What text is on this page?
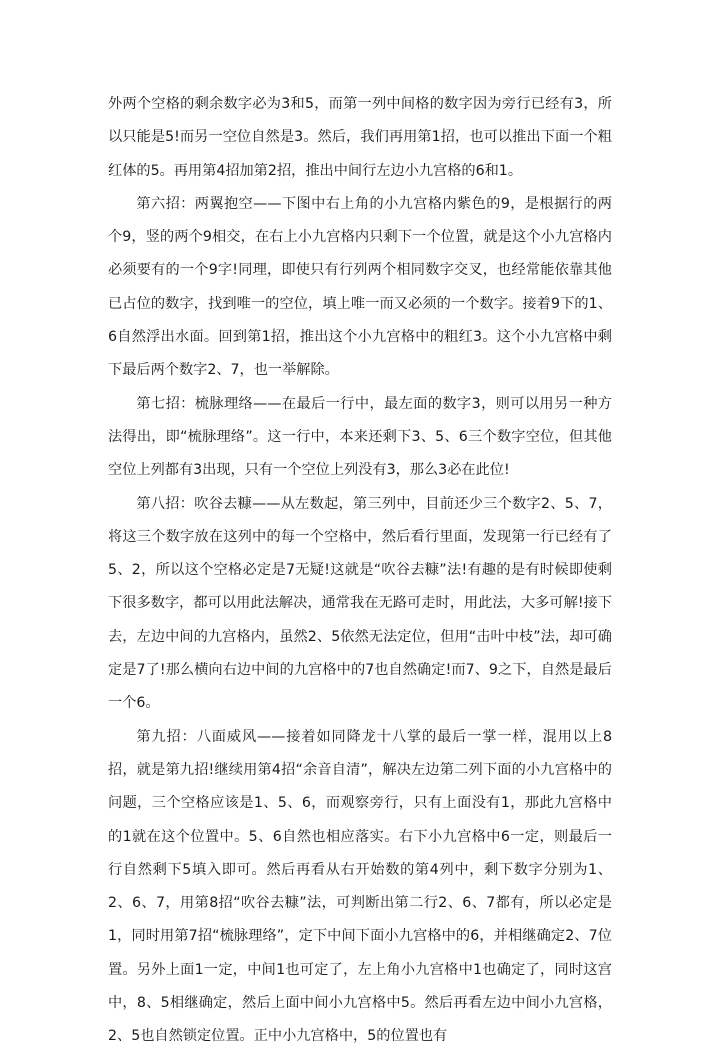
外两个空格的剩余数字必为3和5，而第一列中间格的数字因为旁行已经有3，所以只能是5!而另一空位自然是3。然后，我们再用第1招，也可以推出下面一个粗红体的5。再用第4招加第2招，推出中间行左边小九宫格的6和1。

第六招：两翼抱空——下图中右上角的小九宫格内紫色的9，是根据行的两个9，竖的两个9相交，在右上小九宫格内只剩下一个位置，就是这个小九宫格内必须要有的一个9字!同理，即使只有行列两个相同数字交叉，也经常能依靠其他已占位的数字，找到唯一的空位，填上唯一而又必须的一个数字。接着9下的1、6自然浮出水面。回到第1招，推出这个小九宫格中的粗红3。这个小九宫格中剩下最后两个数字2、7，也一举解除。

第七招：梳脉理络——在最后一行中，最左面的数字3，则可以用另一种方法得出，即“梳脉理络”。这一行中，本来还剩下3、5、6三个数字空位，但其他空位上列都有3出现，只有一个空位上列没有3，那么3必在此位!

第八招：吹谷去糠——从左数起，第三列中，目前还少三个数字2、5、7，将这三个数字放在这列中的每一个空格中，然后看行里面，发现第一行已经有了5、2，所以这个空格必定是7无疑!这就是“吹谷去糠”法!有趣的是有时候即使剩下很多数字，都可以用此法解决，通常我在无路可走时，用此法，大多可解!接下去，左边中间的九宫格内，虽然2、5依然无法定位，但用“击叶中枝”法，却可确定是7了!那么横向右边中间的九宫格中的7也自然确定!而7、9之下，自然是最后一个6。

第九招：八面威风——接着如同降龙十八掌的最后一掌一样，混用以上8招，就是第九招!继续用第4招“余音自清”，解决左边第二列下面的小九宫格中的问题，三个空格应该是1、5、6，而观察旁行，只有上面没有1，那此九宫格中的1就在这个位置中。5、6自然也相应落实。右下小九宫格中6一定，则最后一行自然剩下5填入即可。然后再看从右开始数的第4列中，剩下数字分别为1、2、6、7，用第8招“吹谷去糠”法，可判断出第二行2、6、7都有，所以必定是1，同时用第7招“梳脉理络”，定下中间下面小九宫格中的6，并相继确定2、7位置。另外上面1一定，中间1也可定了，左上角小九宫格中1也确定了，同时这宫中，8、5相继确定，然后上面中间小九宫格中5。然后再看左边中间小九宫格，2、5也自然锁定位置。正中小九宫格中，5的位置也有
